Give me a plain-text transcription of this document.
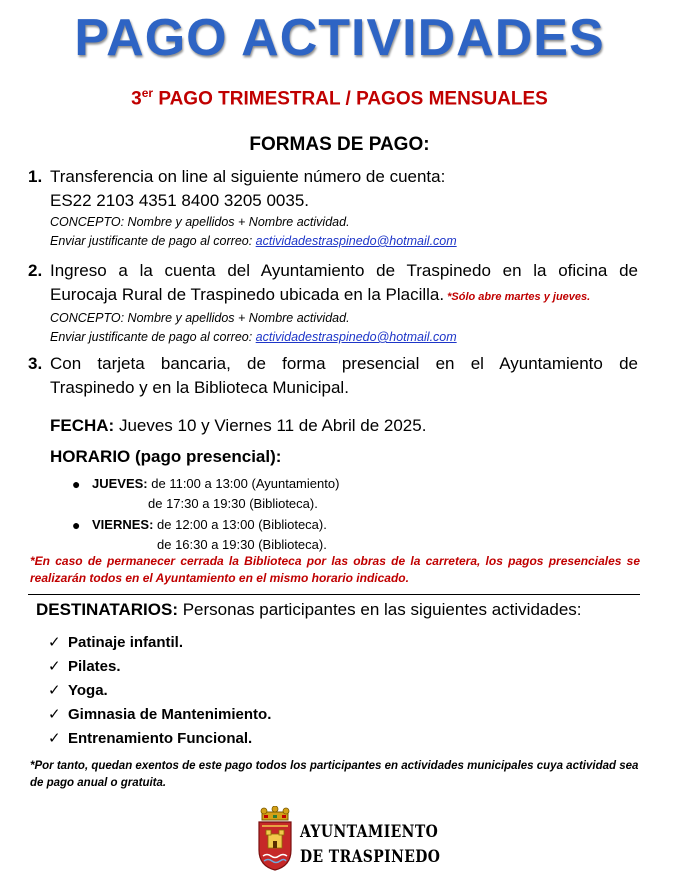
PAGO ACTIVIDADES
3er PAGO TRIMESTRAL / PAGOS MENSUALES
FORMAS DE PAGO:
1. Transferencia on line al siguiente número de cuenta:
ES22 2103 4351 8400 3205 0035.
CONCEPTO: Nombre y apellidos + Nombre actividad.
Enviar justificante de pago al correo: actividadestraspinedo@hotmail.com
2. Ingreso a la cuenta del Ayuntamiento de Traspinedo en la oficina de
Eurocaja Rural de Traspinedo ubicada en la Placilla. *Sólo abre martes y jueves.
CONCEPTO: Nombre y apellidos + Nombre actividad.
Enviar justificante de pago al correo: actividadestraspinedo@hotmail.com
3. Con tarjeta bancaria, de forma presencial en el Ayuntamiento de
Traspinedo y en la Biblioteca Municipal.
FECHA: Jueves 10 y Viernes 11 de Abril de 2025.
HORARIO (pago presencial):
● JUEVES: de 11:00 a 13:00 (Ayuntamiento)
de 17:30 a 19:30 (Biblioteca).
● VIERNES: de 12:00 a 13:00 (Biblioteca).
de 16:30 a 19:30 (Biblioteca).
*En caso de permanecer cerrada la Biblioteca por las obras de la carretera, los pagos presenciales se realizarán todos en el Ayuntamiento en el mismo horario indicado.
DESTINATARIOS: Personas participantes en las siguientes actividades:
✓ Patinaje infantil.
✓ Pilates.
✓ Yoga.
✓ Gimnasia de Mantenimiento.
✓ Entrenamiento Funcional.
*Por tanto, quedan exentos de este pago todos los participantes en actividades municipales cuya actividad sea de pago anual o gratuita.
AYUNTAMIENTO
DE TRASPINEDO
